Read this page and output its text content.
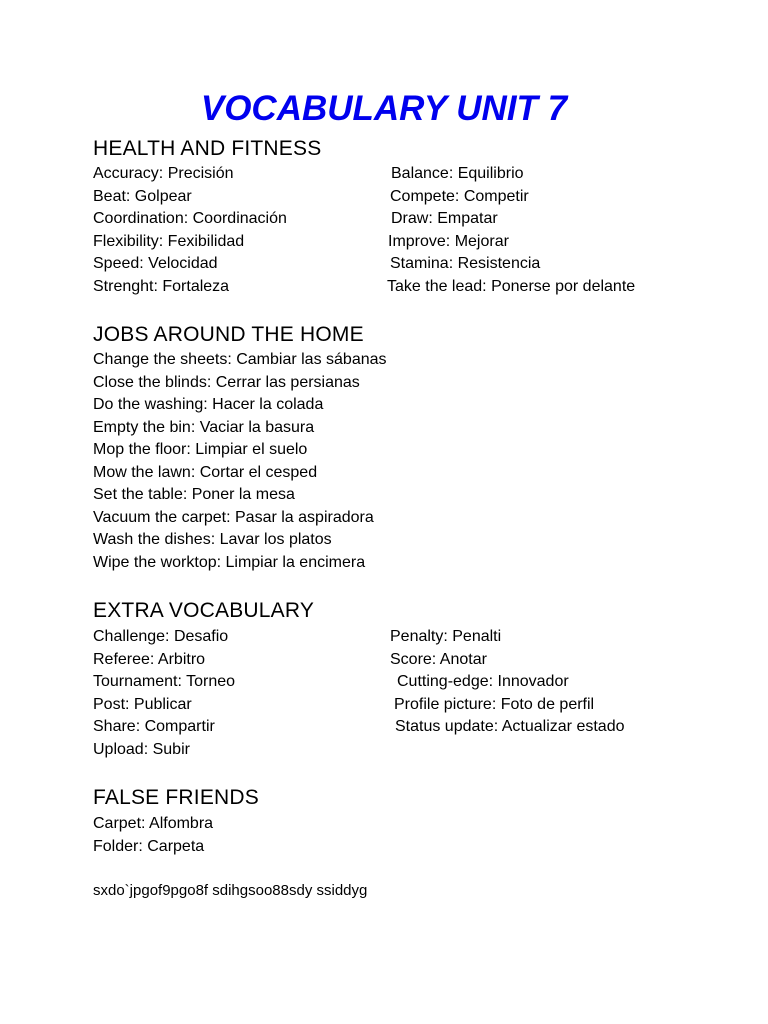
VOCABULARY UNIT 7
HEALTH AND FITNESS
Accuracy: Precisión	Balance: Equilibrio
Beat: Golpear	Compete: Competir
Coordination: Coordinación	Draw: Empatar
Flexibility: Fexibilidad	Improve: Mejorar
Speed: Velocidad	Stamina: Resistencia
Strenght: Fortaleza	Take the lead: Ponerse por delante
JOBS AROUND THE HOME
Change the sheets: Cambiar las sábanas
Close the blinds: Cerrar las persianas
Do the washing: Hacer la colada
Empty the bin: Vaciar la basura
Mop the floor: Limpiar el suelo
Mow the lawn: Cortar el cesped
Set the table: Poner la mesa
Vacuum the carpet: Pasar la aspiradora
Wash the dishes: Lavar los platos
Wipe the worktop: Limpiar la encimera
EXTRA VOCABULARY
Challenge: Desafio	Penalty: Penalti
Referee: Arbitro	Score: Anotar
Tournament: Torneo	Cutting-edge: Innovador
Post: Publicar	Profile picture: Foto de perfil
Share: Compartir	Status update: Actualizar estado
Upload: Subir
FALSE FRIENDS
Carpet: Alfombra
Folder: Carpeta

sxdo`jpgof9pgo8f sdihgsoo88sdy ssiddyg
